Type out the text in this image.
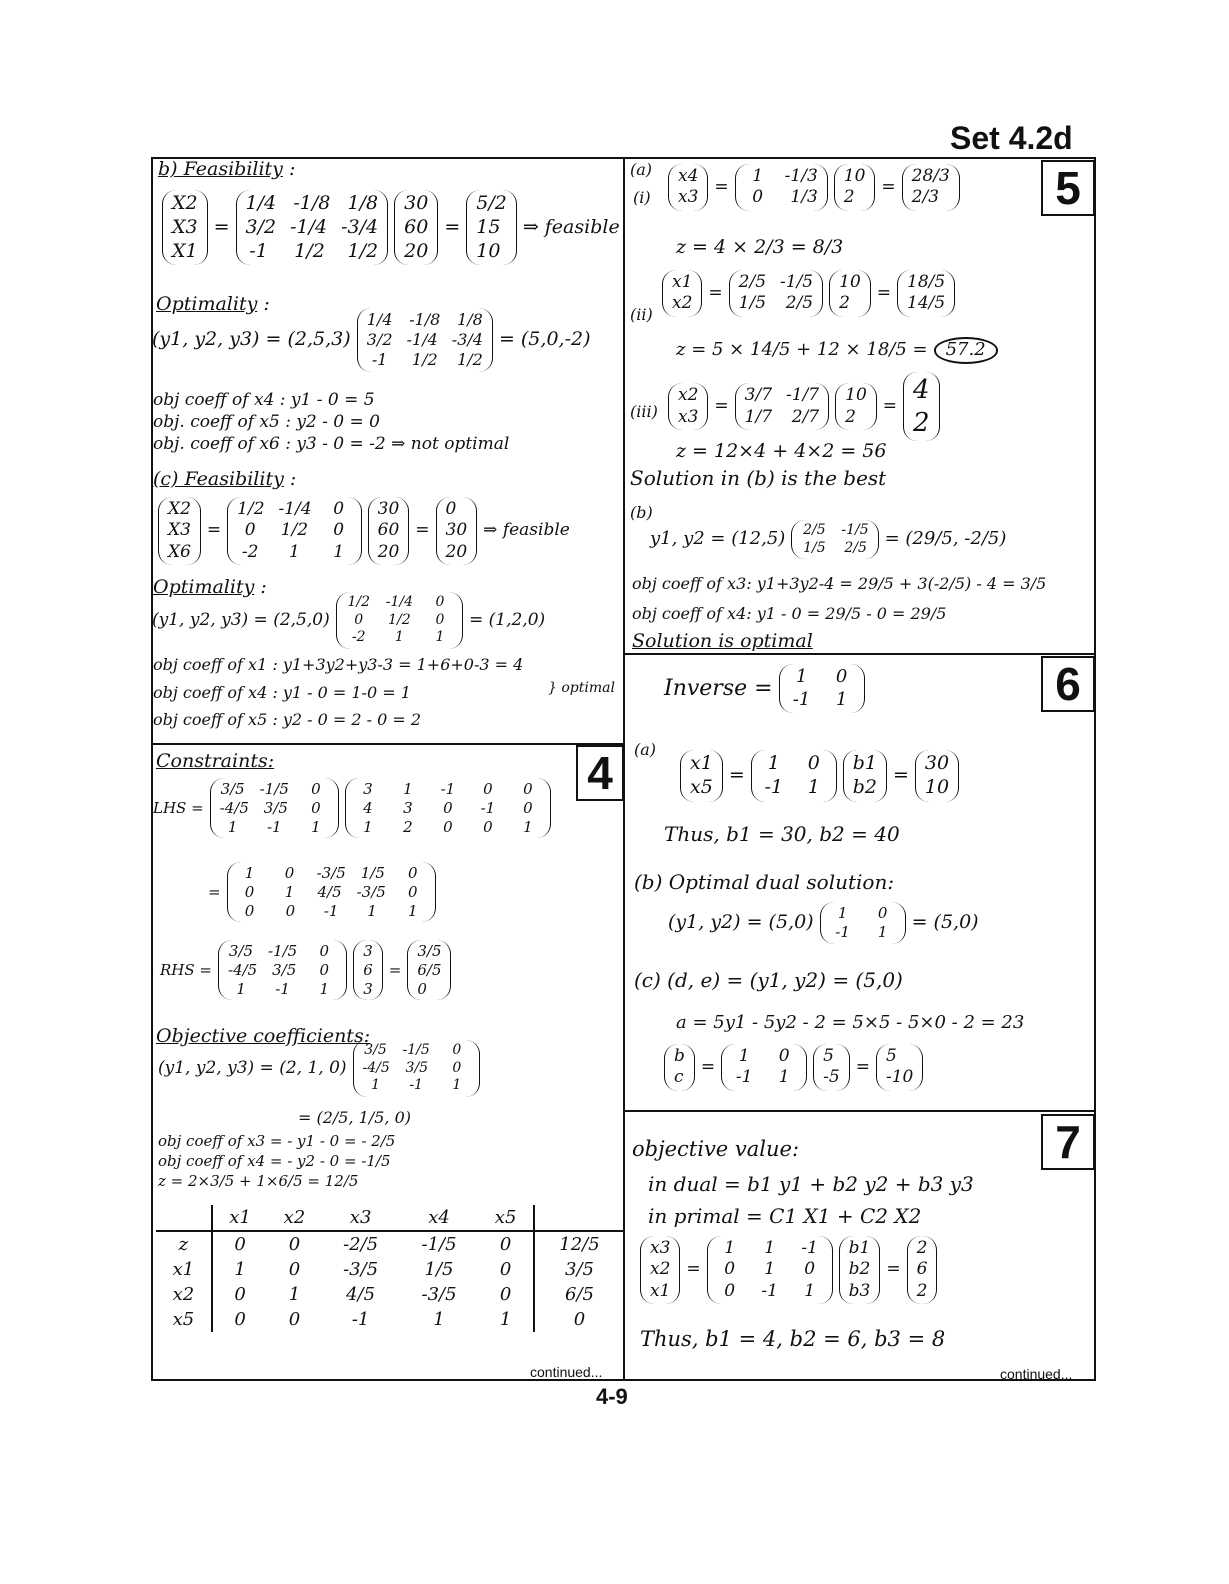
Set 4.2d
4
5
6
7
b) Feasibility :
X2
X3
X1
=
1/4 -1/8 1/8
3/2 -1/4 -3/4
-1 1/2 1/2
30
60
20
=
5/2
15
10
⇒ feasible
Optimality :
(y1, y2, y3) = (2,5,3)
1/4 -1/8 1/8
3/2 -1/4 -3/4
-1	1/2 1/2
= (5,0,-2)
obj coeff of x4 : y1 - 0 = 5
obj. coeff of x5 : y2 - 0 = 0
obj. coeff of x6 : y3 - 0 = -2 ⇒ not optimal
(c) Feasibility :
X2
X3
X6
=
1/2 -1/4	0
0	1/2	0
-2	1	1
30
60
20
=
0
30
20
⇒ feasible
Optimality :
(y1, y2, y3) = (2,5,0)
1/2 -1/4	0
0	1/2	0
-2	1	1
= (1,2,0)
obj coeff of x1 : y1+3y2+y3-3 = 1+6+0-3 = 4
obj coeff of x4 : y1 - 0 = 1-0 = 1
obj coeff of x5 : y2 - 0 = 2 - 0 = 2
} optimal
Constraints:
LHS =
3/5 -1/5	0
-4/5 3/5	0
1	-1	1
3	1	-1	0	0
4	3	0	-1	0
1	2	0	0	1
=
1	0	-3/5 1/5	0
0	1	4/5 -3/5	0
0	0	-1	1	1
RHS =
3/5 -1/5	0
-4/5 3/5	0
1	-1	1
3
6
3
=
3/5
6/5
0
Objective coefficients:
(y1, y2, y3) = (2, 1, 0)
3/5 -1/5	0
-4/5 3/5	0
1	-1	1
= (2/5, 1/5, 0)
obj coeff of x3 = - y1 - 0 = - 2/5
obj coeff of x4 = - y2 - 0 = -1/5
z = 2×3/5 + 1×6/5 = 12/5
	x1	x2	x3	x4	x5	
z	0	0	-2/5	-1/5	0	12/5
x1	1	0	-3/5	1/5	0	3/5
x2	0	1	4/5	-3/5	0	6/5
x5	0	0	-1	1	1	0
continued...
(a)
(i)
x4
x3
=
1	-1/3
0	1/3
10
2
=
28/3
2/3
z = 4 × 2/3 = 8/3
(ii)
x1
x2
=
2/5 -1/5
1/5 2/5
10
2
=
18/5
14/5
z = 5 × 14/5 + 12 × 18/5 =	57.2
(iii)
x2
x3
=
3/7 -1/7
1/7 2/7
10
2
=
4
2
z = 12×4 + 4×2 = 56
Solution in (b) is the best
(b)
y1, y2 = (12,5) 2/5 -1/5
1/5 2/5 = (29/5, -2/5)
obj coeff of x3: y1+3y2-4 = 29/5 + 3(-2/5) - 4 = 3/5
obj coeff of x4: y1 - 0 = 29/5 - 0 = 29/5
Solution is optimal
Inverse =	1	0
-1	1
(a)
x1
x5
=
1	0
-1	1
b1
b2
=
30
10
Thus, b1 = 30, b2 = 40
(b) Optimal dual solution:
(y1, y2) = (5,0)	1	0
-1	1	= (5,0)
(c) (d, e) = (y1, y2) = (5,0)
a = 5y1 - 5y2 - 2 = 5×5 - 5×0 - 2 = 23
b
c
=
1	0
-1	1
5
-5
=
5
-10
objective value:
in dual = b1 y1 + b2 y2 + b3 y3
in primal = C1 X1 + C2 X2
x3
x2
x1
=
1	1	-1
0	1	0
0	-1	1
b1
b2
b3
=
2
6
2
Thus, b1 = 4, b2 = 6, b3 = 8
continued...
4-9
